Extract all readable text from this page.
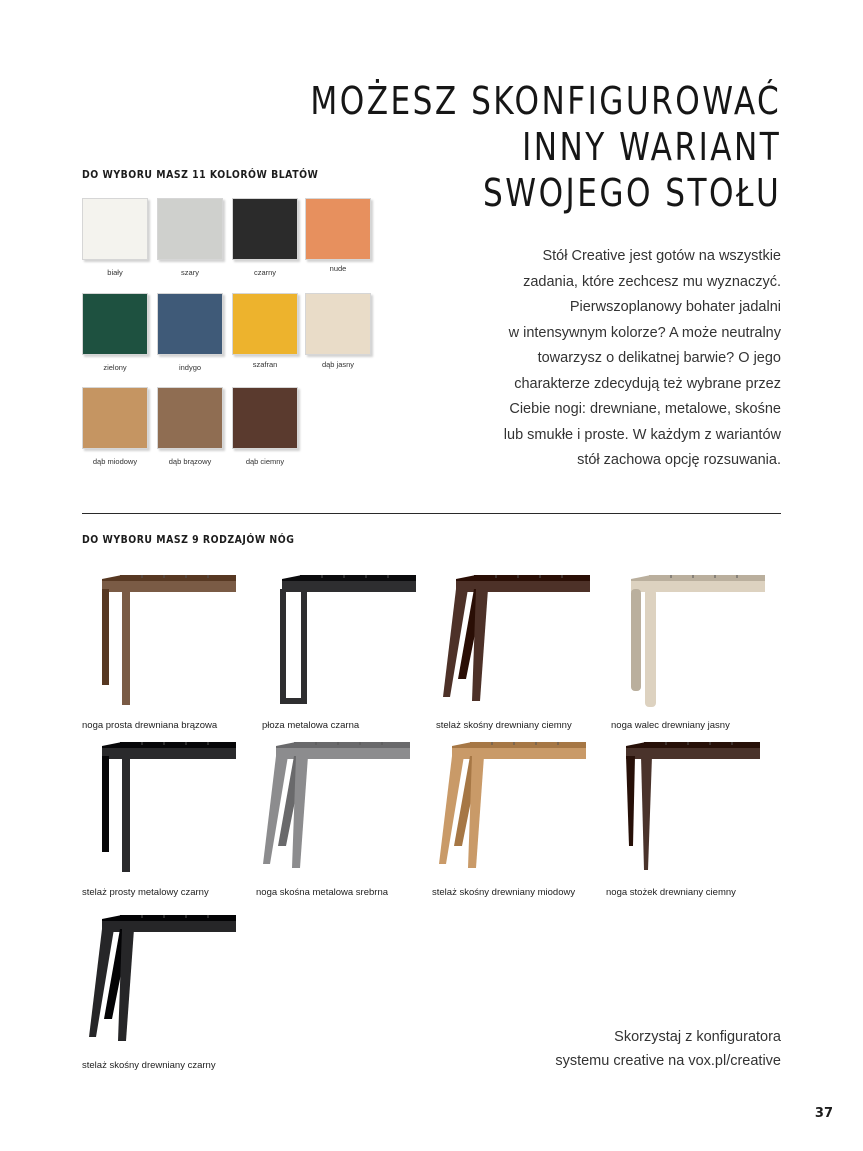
MOŻESZ SKONFIGUROWAĆ
INNY WARIANT
SWOJEGO STOŁU
DO WYBORU MASZ 11 KOLORÓW BLATÓW
biały	szary	czarny	nude
zielony	indygo	szafran	dąb jasny
dąb miodowy	dąb brązowy	dąb ciemny
Stół Creative jest gotów na wszystkie
zadania, które zechcesz mu wyznaczyć.
Pierwszoplanowy bohater jadalni
w intensywnym kolorze? A może neutralny
towarzysz o delikatnej barwie? O jego
charakterze zdecydują też wybrane przez
Ciebie nogi: drewniane, metalowe, skośne
lub smukłe i proste. W każdym z wariantów
stół zachowa opcję rozsuwania.
DO WYBORU MASZ 9 RODZAJÓW NÓG
noga prosta drewniana brązowa	płoza metalowa czarna	stelaż skośny drewniany ciemny	noga walec drewniany jasny
stelaż prosty metalowy czarny	noga skośna metalowa srebrna	stelaż skośny drewniany miodowy	noga stożek drewniany ciemny
stelaż skośny drewniany czarny
Skorzystaj z konfiguratora
systemu creative na vox.pl/creative
37
